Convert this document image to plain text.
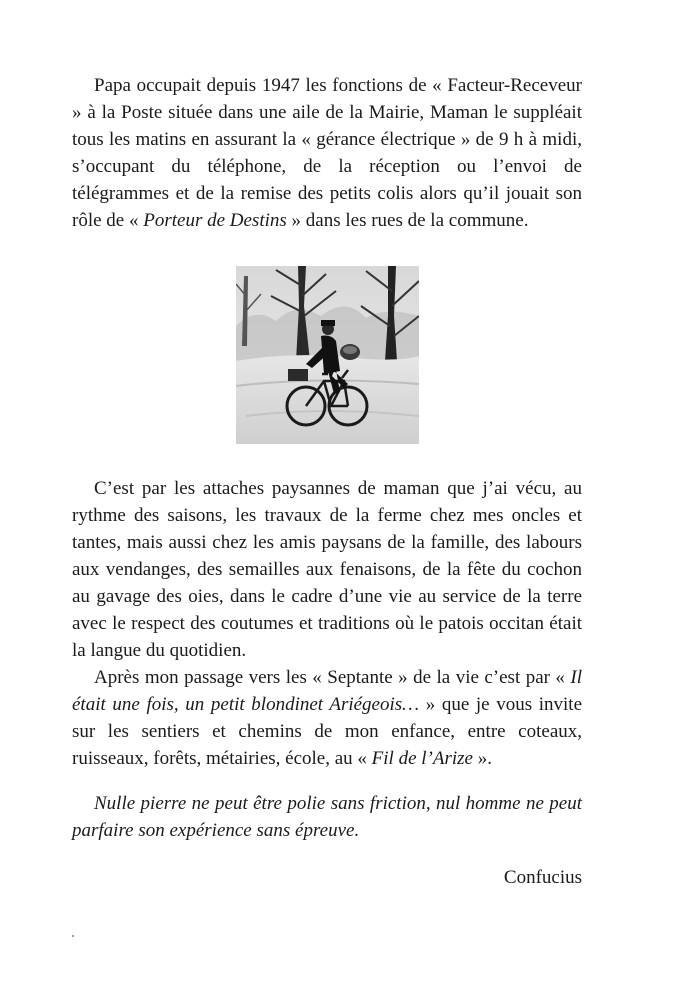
Papa occupait depuis 1947 les fonctions de « Facteur-Receveur » à la Poste située dans une aile de la Mairie, Maman le suppléait tous les matins en assurant la « gérance électrique » de 9 h à midi, s’occupant du téléphone, de la réception ou l’envoi de télégrammes et de la remise des petits colis alors qu’il jouait son rôle de « Porteur de Destins » dans les rues de la commune.

C’est par les attaches paysannes de maman que j’ai vécu, au rythme des saisons, les travaux de la ferme chez mes oncles et tantes, mais aussi chez les amis paysans de la famille, des labours aux vendanges, des semailles aux fenaisons, de la fête du cochon au gavage des oies, dans le cadre d’une vie au service de la terre avec le respect des coutumes et traditions où le patois occitan était la langue du quotidien.

Après mon passage vers les « Septante » de la vie c’est par « Il était une fois, un petit blondinet Ariégeois… » que je vous invite sur les sentiers et chemins de mon enfance, entre coteaux, ruisseaux, forêts, métairies, école, au « Fil de l’Arize ».

Nulle pierre ne peut être polie sans friction, nul homme ne peut parfaire son expérience sans épreuve.

Confucius
